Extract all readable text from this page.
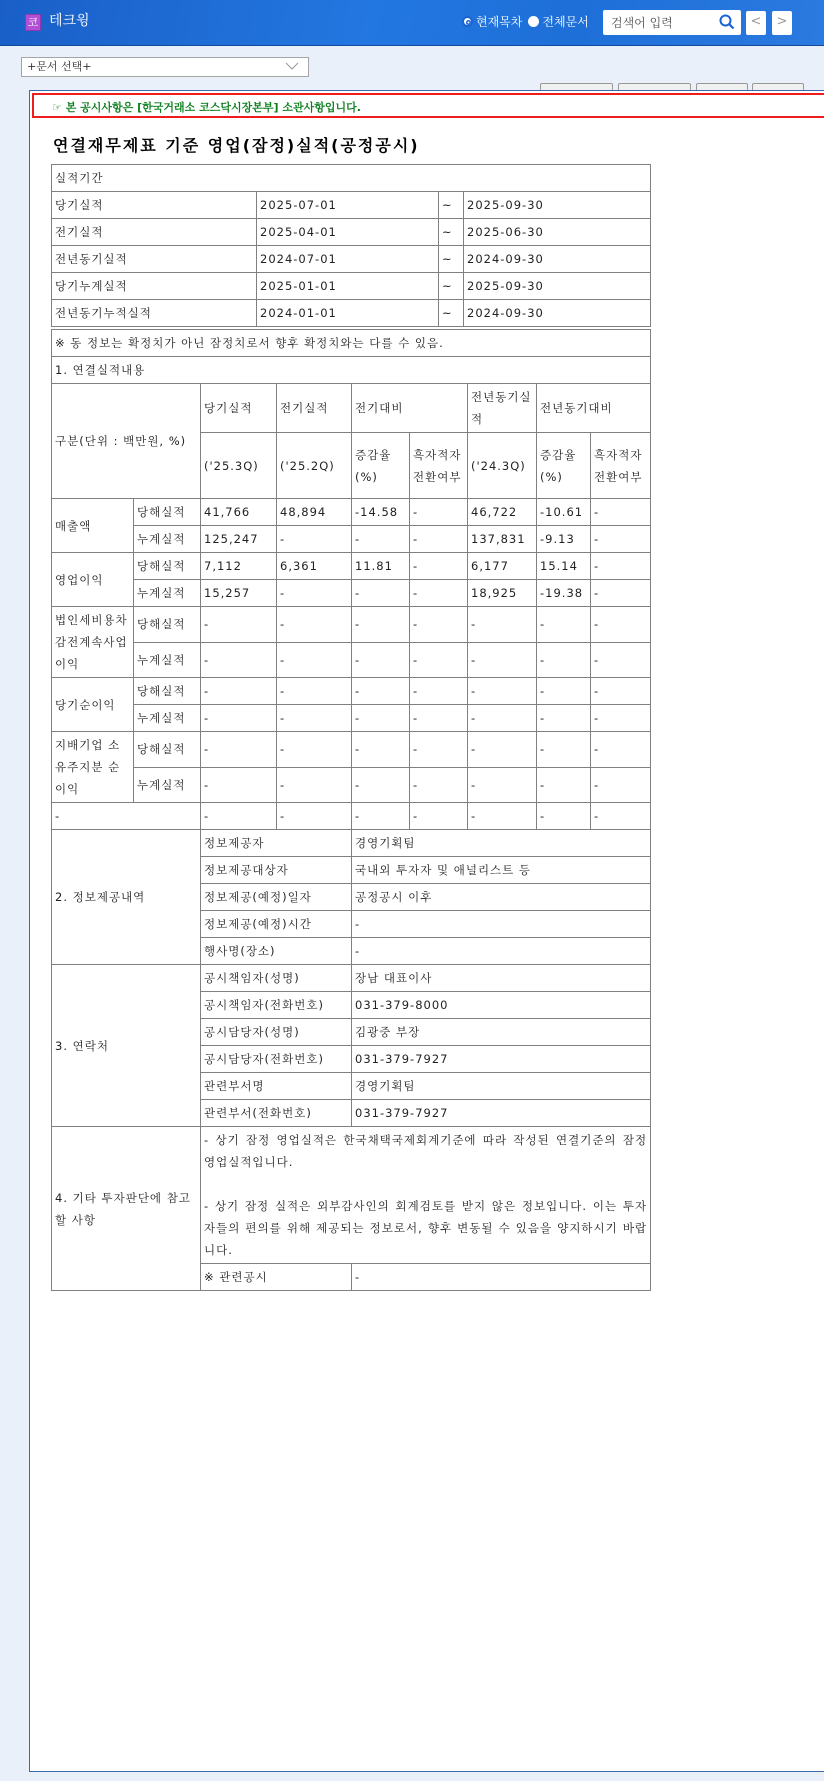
코 테크윙	현재목차 전체문서
검색어 입력	<	>
+문서 선택+
☞ 본 공시사항은 [한국거래소 코스닥시장본부] 소관사항입니다.
연결재무제표 기준 영업(잠정)실적(공정공시)
실적기간			
당기실적	2025-07-01	~	2025-09-30
전기실적	2025-04-01	~	2025-06-30
전년동기실적	2024-07-01	~	2024-09-30
당기누계실적	2025-01-01	~	2025-09-30
전년동기누적실적	2024-01-01	~	2024-09-30
※ 동 정보는 확정치가 아닌 잠정치로서 향후 확정치와는 다를 수 있음.								
1. 연결실적내용								
구분(단위 : 백만원, %)		당기실적	전기실적	전기대비		전년동기실적	전년동기대비	
		('25.3Q)	('25.2Q)	증감율(%)	흑자적자전환여부	('24.3Q)	증감율(%)	흑자적자전환여부
매출액	당해실적	41,766	48,894	-14.58	-	46,722	-10.61	-
	누계실적	125,247	-	-	-	137,831	-9.13	-
영업이익	당해실적	7,112	6,361	11.81	-	6,177	15.14	-
	누계실적	15,257	-	-	-	18,925	-19.38	-
법인세비용차감전계속사업이익	당해실적	-	-	-	-	-	-	-
	누계실적	-	-	-	-	-	-	-
당기순이익	당해실적	-	-	-	-	-	-	-
	누계실적	-	-	-	-	-	-	-
지배기업 소유주지분 순이익	당해실적	-	-	-	-	-	-	-
	누계실적	-	-	-	-	-	-	-
-		-	-	-	-	-	-	-
2. 정보제공내역		정보제공자		경영기획팀				
		정보제공대상자		국내외 투자자 및 애널리스트 등				
		정보제공(예정)일자		공정공시 이후				
		정보제공(예정)시간		-				
		행사명(장소)		-				
3. 연락처		공시책임자(성명)		장남 대표이사				
		공시책임자(전화번호)		031-379-8000				
		공시담당자(성명)		김광중 부장				
		공시담당자(전화번호)		031-379-7927				
		관련부서명		경영기획팀				
		관련부서(전화번호)		031-379-7927				
4. 기타 투자판단에 참고할 사항		- 상기 잠정 영업실적은 한국채택국제회계기준에 따라 작성된 연결기준의 잠정 영업실적입니다.
- 상기 잠정 실적은 외부감사인의 회계검토를 받지 않은 정보입니다. 이는 투자자들의 편의를 위해 제공되는 정보로서, 향후 변동될 수 있음을 양지하시기 바랍니다.						

		※ 관련공시		-				
